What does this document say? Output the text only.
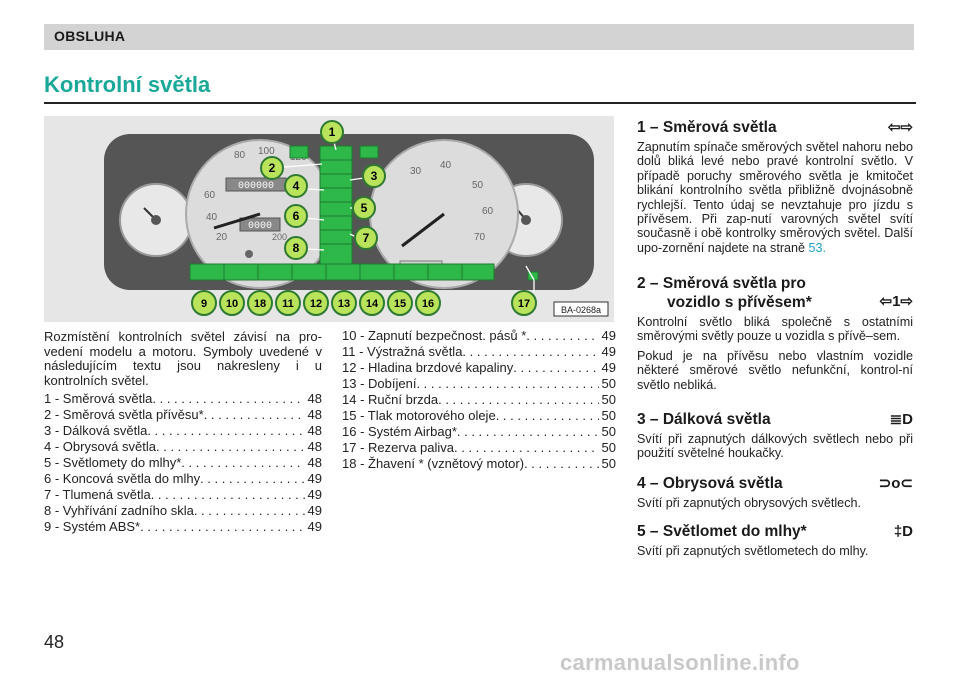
OBSLUHA
Kontrolní světla
000000
0000
80 100
60
40
20	200
30
40
50
60
70
1
2
3
4
5
6
7
8
9 10 18 11 12 13 14 15 16	17	BA-0268a
Rozmístění kontrolních světel závisí na pro-vedení modelu a motoru. Symboly uvedené v následujícím textu jsou nakresleny i u kontrolních světel.
1 - Směrová světla . . .	48
2 - Směrová světla přívěsu* . . .	48
3 - Dálková světla . . .	48
4 - Obrysová světla . . .	48
5 - Světlomety do mlhy* . . .	48
6 - Koncová světla do mlhy . . .	49
7 - Tlumená světla . . .	49
8 - Vyhřívání zadního skla . . .	49
9 - Systém ABS* . . .	49
10 - Zapnutí bezpečnost. pásů * . . .	49
11 - Výstražná světla . . .	49
12 - Hladina brzdové kapaliny . . .	49
13 - Dobíjení . . .	50
14 - Ruční brzda . . .	50
15 - Tlak motorového oleje . . .	50
16 - Systém Airbag* . . .	50
17 - Rezerva paliva . . .	50
18 - Žhavení * (vznětový motor) . . .	50
1 – Směrová světla	⇦⇨

Zapnutím spínače směrových světel nahoru nebo dolů bliká levé nebo pravé kontrolní světlo. V případě poruchy směrového světla je kmitočet blikání kontrolního světla přibližně dvojnásobně rychlejší. Tento údaj se nevztahuje pro jízdu s přívěsem. Při zap-nutí varovných světel svítí současně i obě kontrolky směrových světel. Další upo-zornění najdete na straně 53.

2 – Směrová světla pro
⇦1⇨

vozidlo s přívěsem*

Kontrolní světlo bliká společně s ostatními směrovými světly pouze u vozidla s přívě–sem.

Pokud je na přívěsu nebo vlastním vozidle některé směrové světlo nefunkční, kontrol-ní světlo nebliká.

3 – Dálková světla	≣D

Svítí při zapnutých dálkových světlech nebo při použití světelné houkačky.

4 – Obrysová světla	⊃o⊂

Svítí při zapnutých obrysových světlech.

5 – Světlomet do mlhy*	‡D

Svítí při zapnutých světlometech do mlhy.

48
carmanualsonline.info
